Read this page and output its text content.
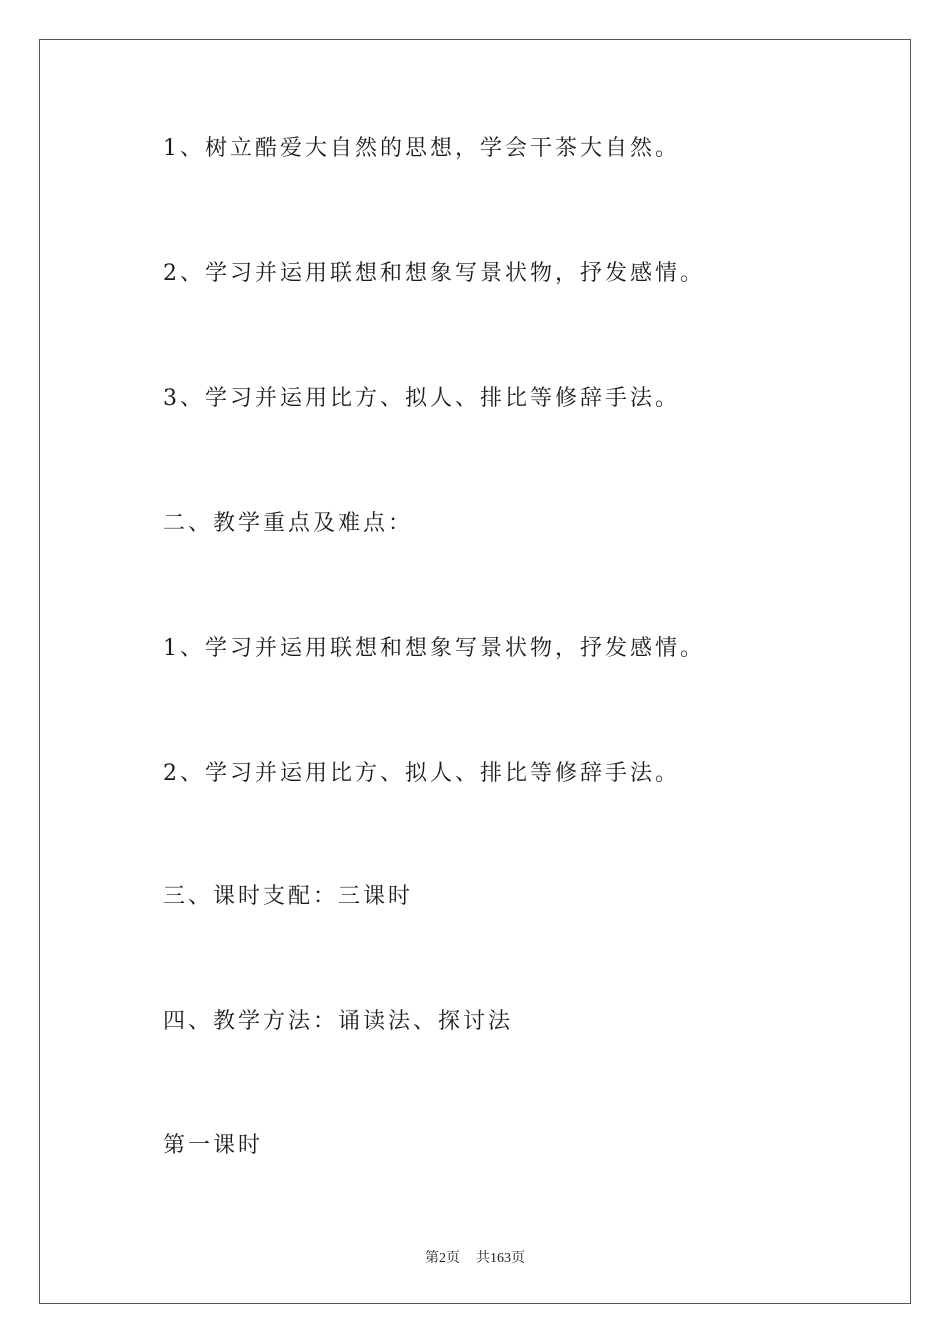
1、树立酷爱大自然的思想，学会干茶大自然。
2、学习并运用联想和想象写景状物，抒发感情。
3、学习并运用比方、拟人、排比等修辞手法。
二、教学重点及难点：
1、学习并运用联想和想象写景状物，抒发感情。
2、学习并运用比方、拟人、排比等修辞手法。
三、课时支配：三课时
四、教学方法：诵读法、探讨法
第一课时
第2页 共163页
